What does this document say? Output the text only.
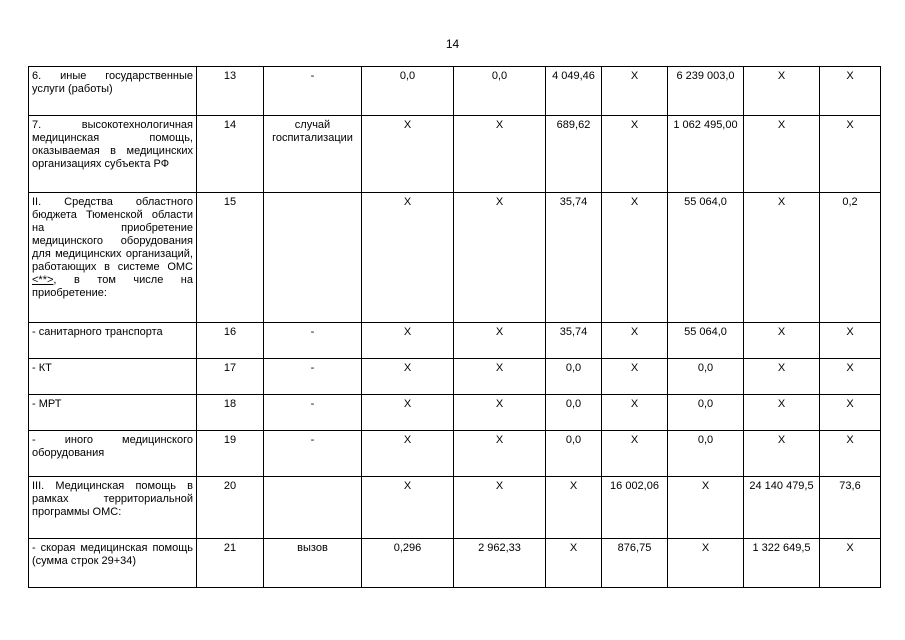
14
6. иные государственные услуги (работы)	13	-	0,0	0,0	4 049,46	Х	6 239 003,0	Х	Х
7. высокотехнологичная медицинская помощь, оказываемая в медицинских организациях субъекта РФ	14	случай госпитализации	Х	Х	689,62	Х	1 062 495,00	Х	Х
II. Средства областного бюджета Тюменской области на приобретение медицинского оборудования для медицинских организаций, работающих в системе ОМС <**>, в том числе на приобретение:	15		Х	Х	35,74	Х	55 064,0	Х	0,2
- санитарного транспорта	16	-	Х	Х	35,74	Х	55 064,0	Х	Х
- КТ	17	-	Х	Х	0,0	Х	0,0	Х	Х
- МРТ	18	-	Х	Х	0,0	Х	0,0	Х	Х
- иного медицинского оборудования	19	-	Х	Х	0,0	Х	0,0	Х	Х
III. Медицинская помощь в рамках территориальной программы ОМС:	20		Х	Х	Х	16 002,06	Х	24 140 479,5	73,6
- скорая медицинская помощь (сумма строк 29+34)	21	вызов	0,296	2 962,33	Х	876,75	Х	1 322 649,5	Х
